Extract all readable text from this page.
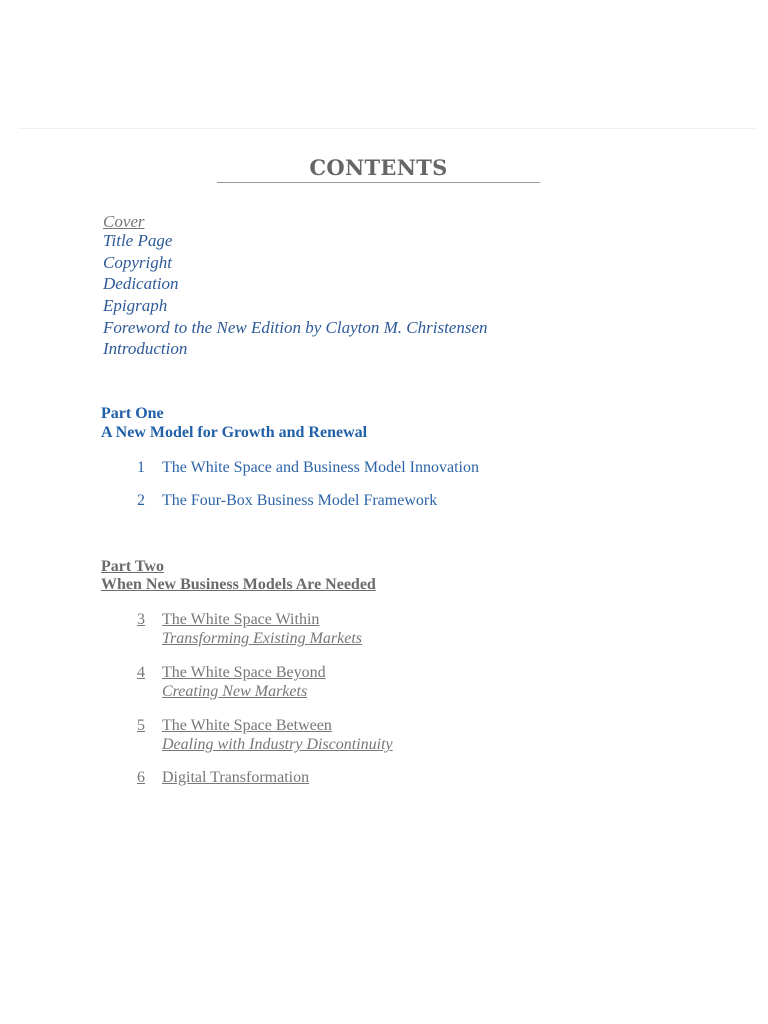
CONTENTS
Cover
Title Page
Copyright
Dedication
Epigraph
Foreword to the New Edition by Clayton M. Christensen
Introduction
Part One
A New Model for Growth and Renewal
1 The White Space and Business Model Innovation
2 The Four-Box Business Model Framework
Part Two
When New Business Models Are Needed
3 The White Space Within
Transforming Existing Markets
4 The White Space Beyond
Creating New Markets
5 The White Space Between
Dealing with Industry Discontinuity
6 Digital Transformation
